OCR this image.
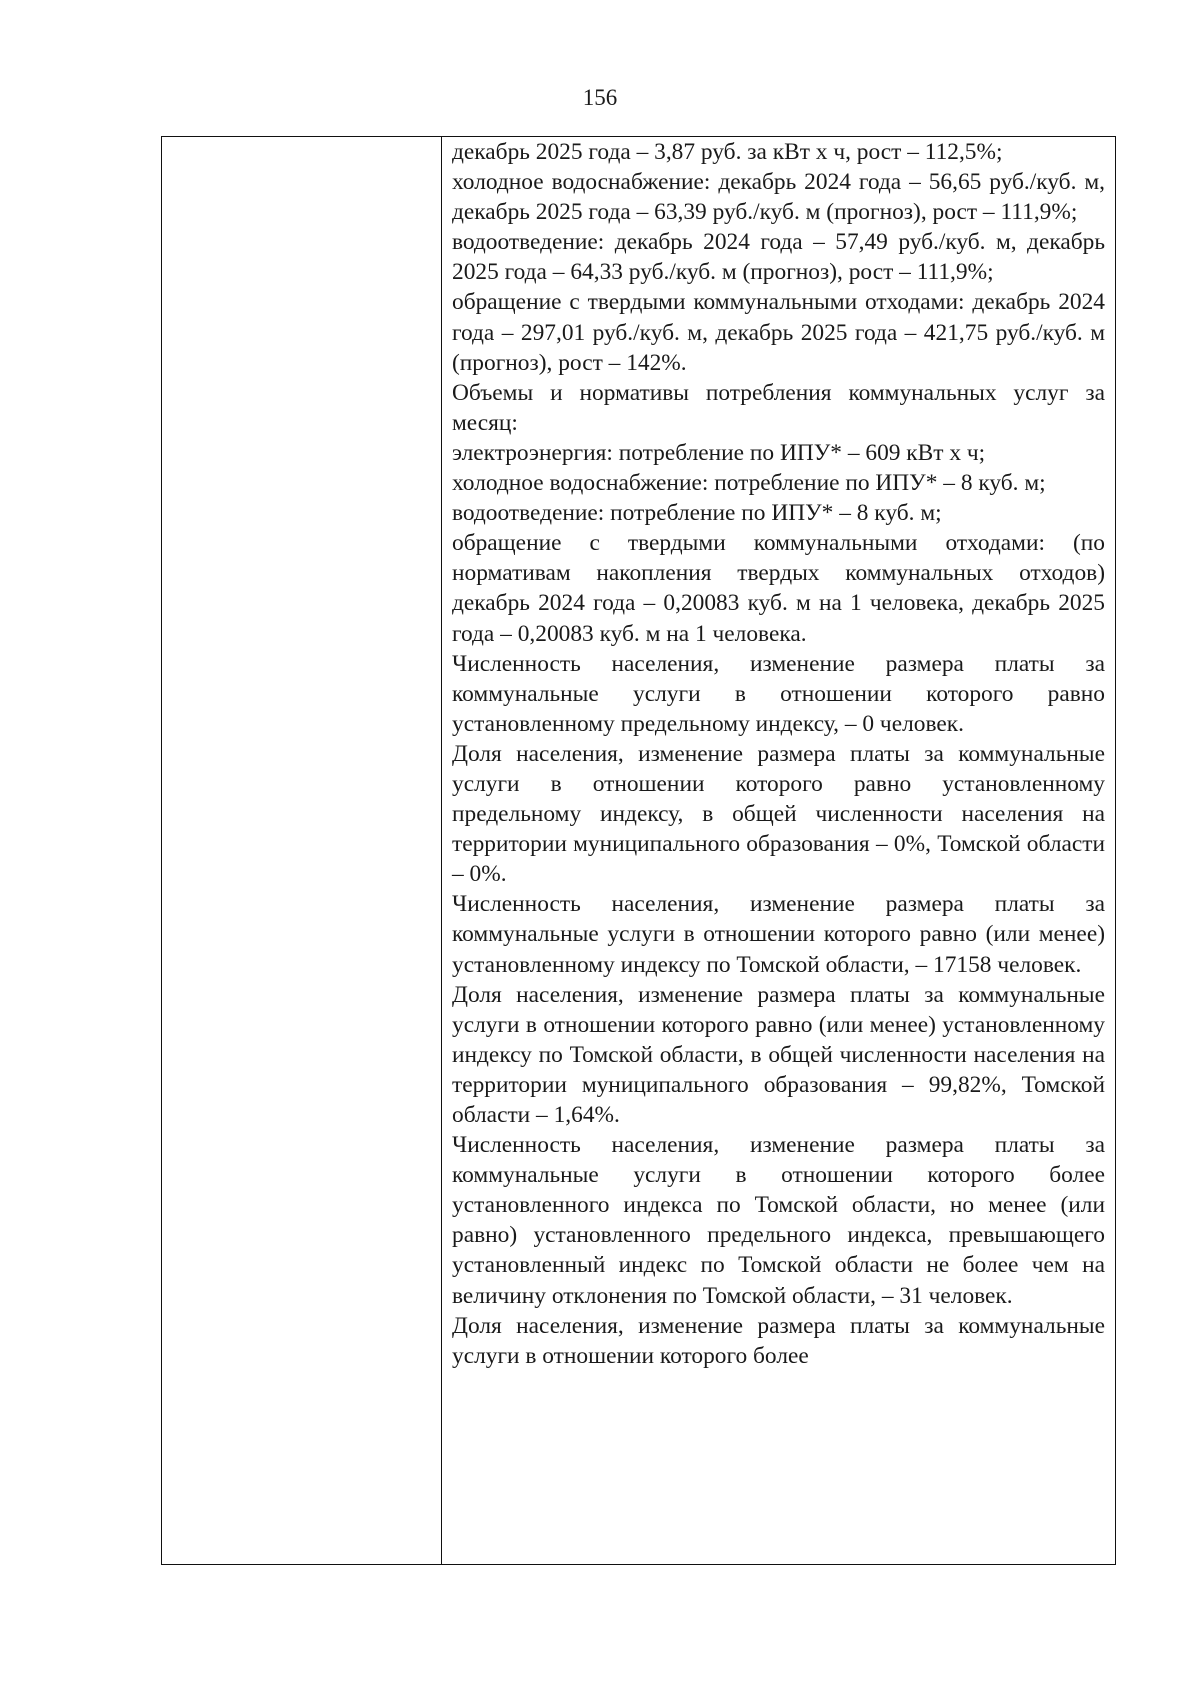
156

декабрь 2025 года – 3,87 руб. за кВт х ч, рост – 112,5%;

холодное водоснабжение: декабрь 2024 года – 56,65 руб./куб. м, декабрь 2025 года – 63,39 руб./куб. м (прогноз), рост – 111,9%;

водоотведение: декабрь 2024 года – 57,49 руб./куб. м, декабрь 2025 года – 64,33 руб./куб. м (прогноз), рост – 111,9%;

обращение с твердыми коммунальными отходами: декабрь 2024 года – 297,01 руб./куб. м, декабрь 2025 года – 421,75 руб./куб. м (прогноз), рост – 142%.

Объемы и нормативы потребления коммунальных услуг за месяц:

электроэнергия: потребление по ИПУ* – 609 кВт х ч;

холодное водоснабжение: потребление по ИПУ* – 8 куб. м;

водоотведение: потребление по ИПУ* – 8 куб. м;

обращение с твердыми коммунальными отходами: (по нормативам накопления твердых коммунальных отходов) декабрь 2024 года – 0,20083 куб. м на 1 человека, декабрь 2025 года – 0,20083 куб. м на 1 человека.

Численность населения, изменение размера платы за коммунальные услуги в отношении которого равно установленному предельному индексу, – 0 человек.

Доля населения, изменение размера платы за коммунальные услуги в отношении которого равно установленному предельному индексу, в общей численности населения на территории муниципального образования – 0%, Томской области – 0%.

Численность населения, изменение размера платы за коммунальные услуги в отношении которого равно (или менее) установленному индексу по Томской области, – 17158 человек.

Доля населения, изменение размера платы за коммунальные услуги в отношении которого равно (или менее) установленному индексу по Томской области, в общей численности населения на территории муниципального образования – 99,82%, Томской области – 1,64%.

Численность населения, изменение размера платы за коммунальные услуги в отношении которого более установленного индекса по Томской области, но менее (или равно) установленного предельного индекса, превышающего установленный индекс по Томской области не более чем на величину отклонения по Томской области, – 31 человек.

Доля населения, изменение размера платы за коммунальные услуги в отношении которого более
